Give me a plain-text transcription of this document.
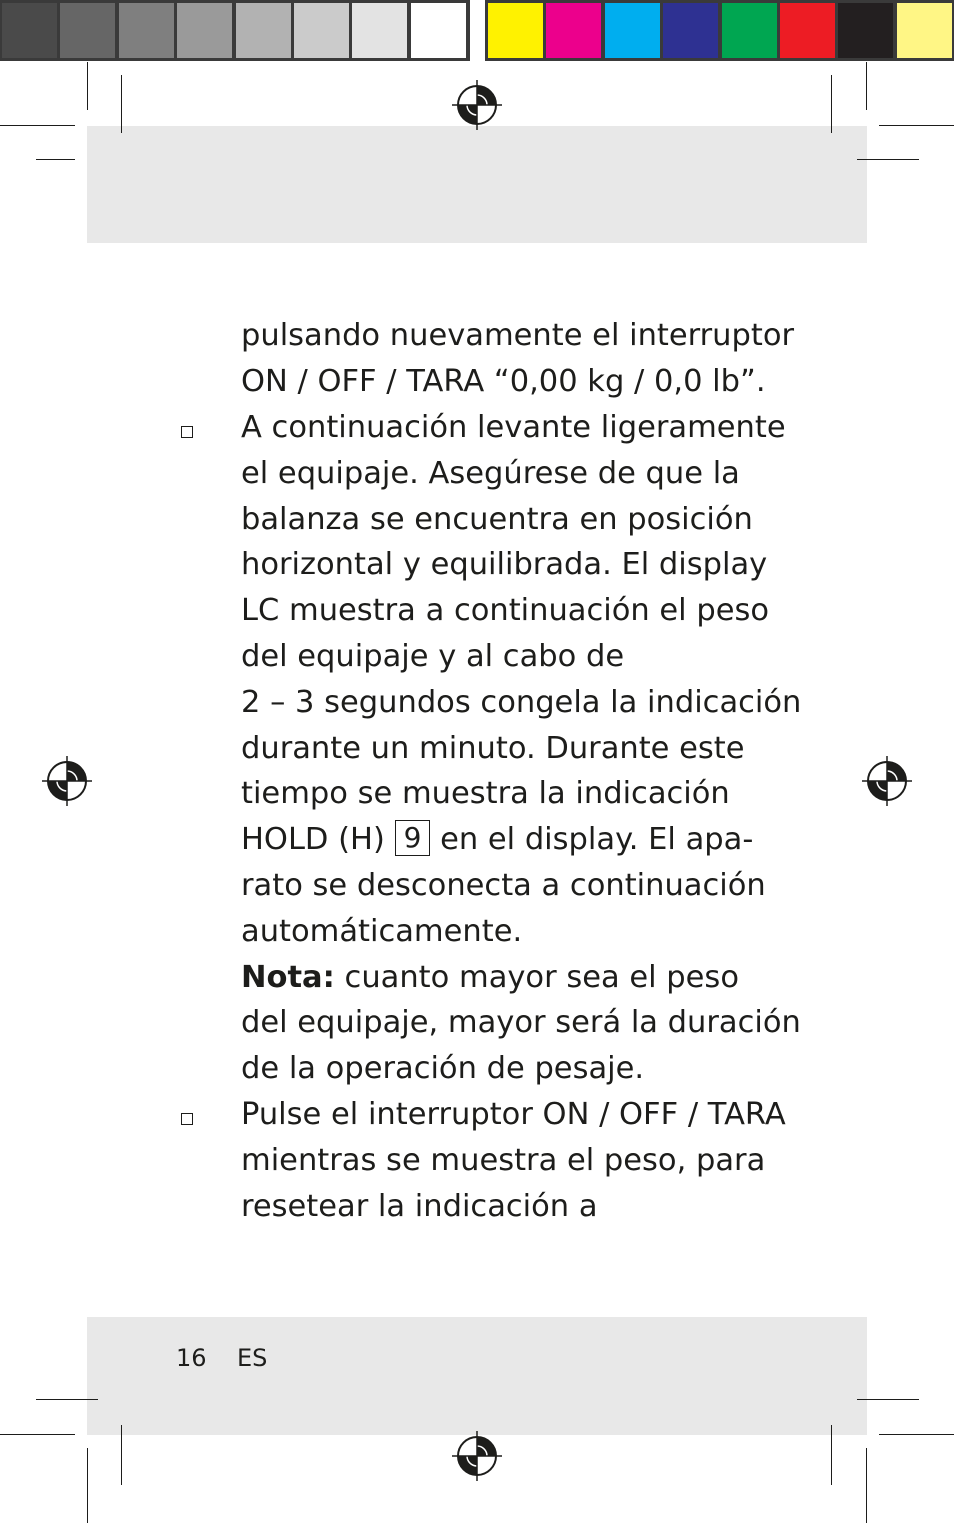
pulsando nuevamente el interruptor
ON / OFF / TARA “0,00 kg / 0,0 lb”.
A continuación levante ligeramente
el equipaje. Asegúrese de que la
balanza se encuentra en posición
horizontal y equilibrada. El display
LC muestra a continuación el peso
del equipaje y al cabo de
2 – 3 segundos congela la indicación
durante un minuto. Durante este
tiempo se muestra la indicación
HOLD (H) 9 en el display. El apa-
rato se desconecta a continuación
automáticamente.
Nota: cuanto mayor sea el peso
del equipaje, mayor será la duración
de la operación de pesaje.
Pulse el interruptor ON / OFF / TARA
mientras se muestra el peso, para
resetear la indicación a
16 ES
